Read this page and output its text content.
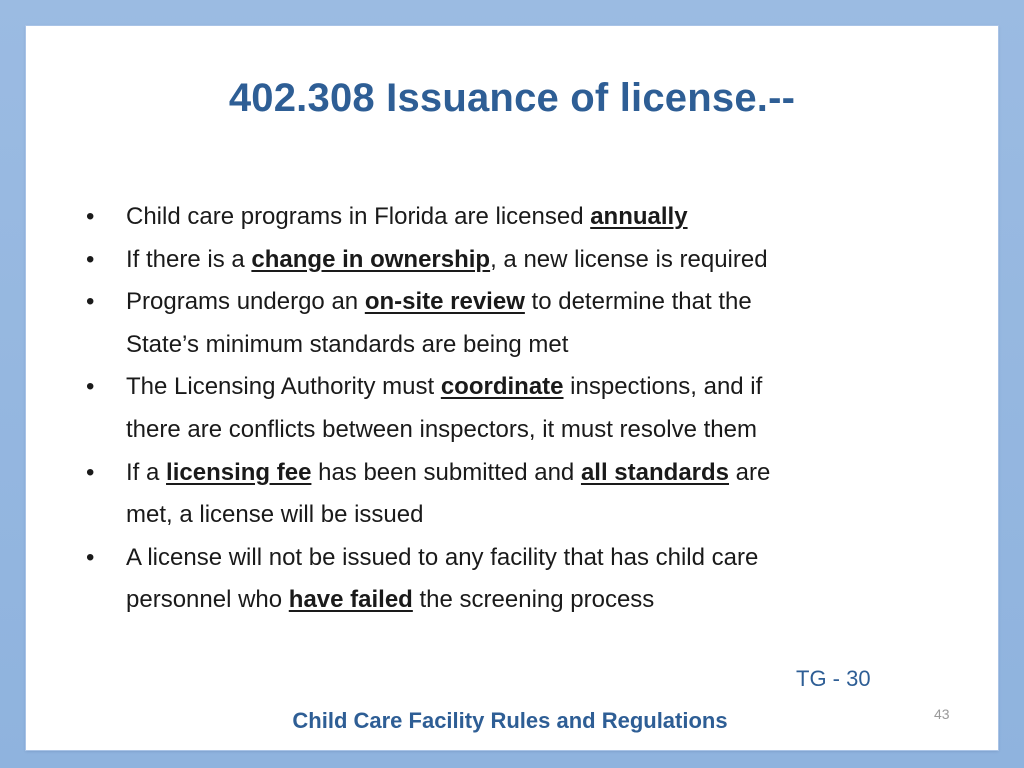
402.308 Issuance of license.--
•	Child care programs in Florida are licensed annually
•	If there is a change in ownership, a new license is required
•	Programs undergo an on-site review to determine that the
State’s minimum standards are being met
•	The Licensing Authority must coordinate inspections, and if
there are conflicts between inspectors, it must resolve them
•	If a licensing fee has been submitted and all standards are
met, a license will be issued
•	A license will not be issued to any facility that has child care
personnel who have failed the screening process
TG - 30
43
Child Care Facility Rules and Regulations
